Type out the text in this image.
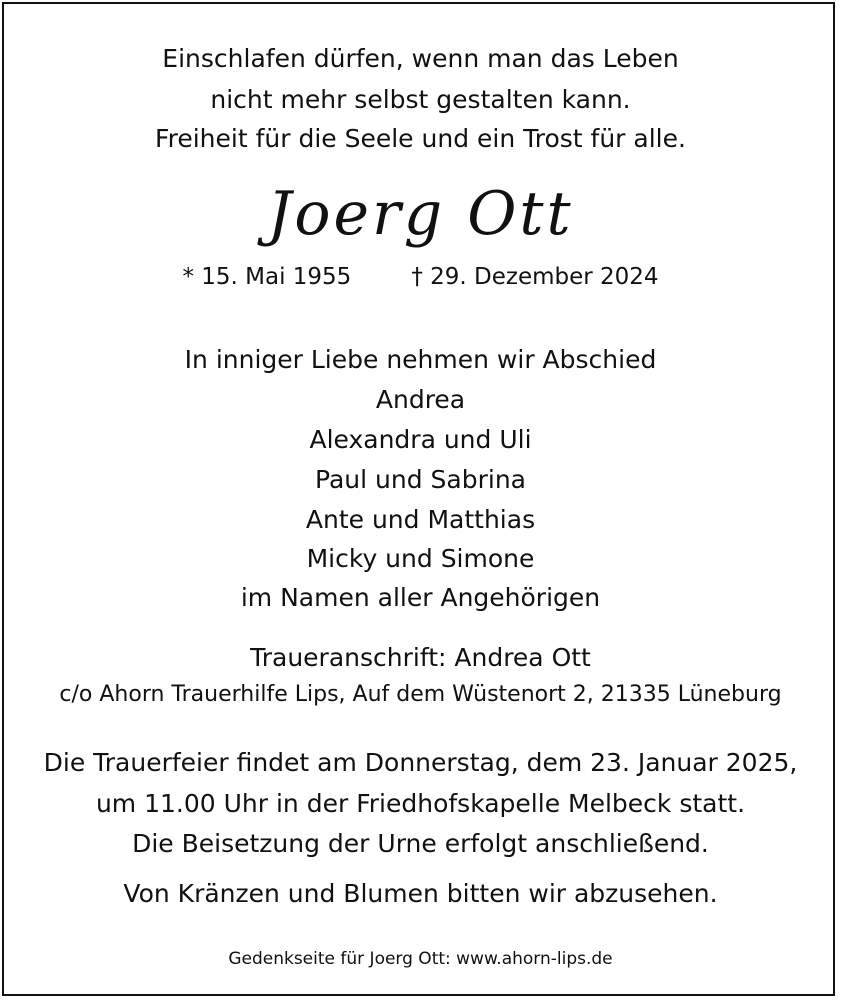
Einschlafen dürfen, wenn man das Leben
nicht mehr selbst gestalten kann.
Freiheit für die Seele und ein Trost für alle.
Joerg Ott
* 15. Mai 1955	† 29. Dezember 2024
In inniger Liebe nehmen wir Abschied
Andrea
Alexandra und Uli
Paul und Sabrina
Ante und Matthias
Micky und Simone
im Namen aller Angehörigen
Traueranschrift: Andrea Ott
c/o Ahorn Trauerhilfe Lips, Auf dem Wüstenort 2, 21335 Lüneburg
Die Trauerfeier findet am Donnerstag, dem 23. Januar 2025,
um 11.00 Uhr in der Friedhofskapelle Melbeck statt.
Die Beisetzung der Urne erfolgt anschließend.
Von Kränzen und Blumen bitten wir abzusehen.
Gedenkseite für Joerg Ott: www.ahorn-lips.de
